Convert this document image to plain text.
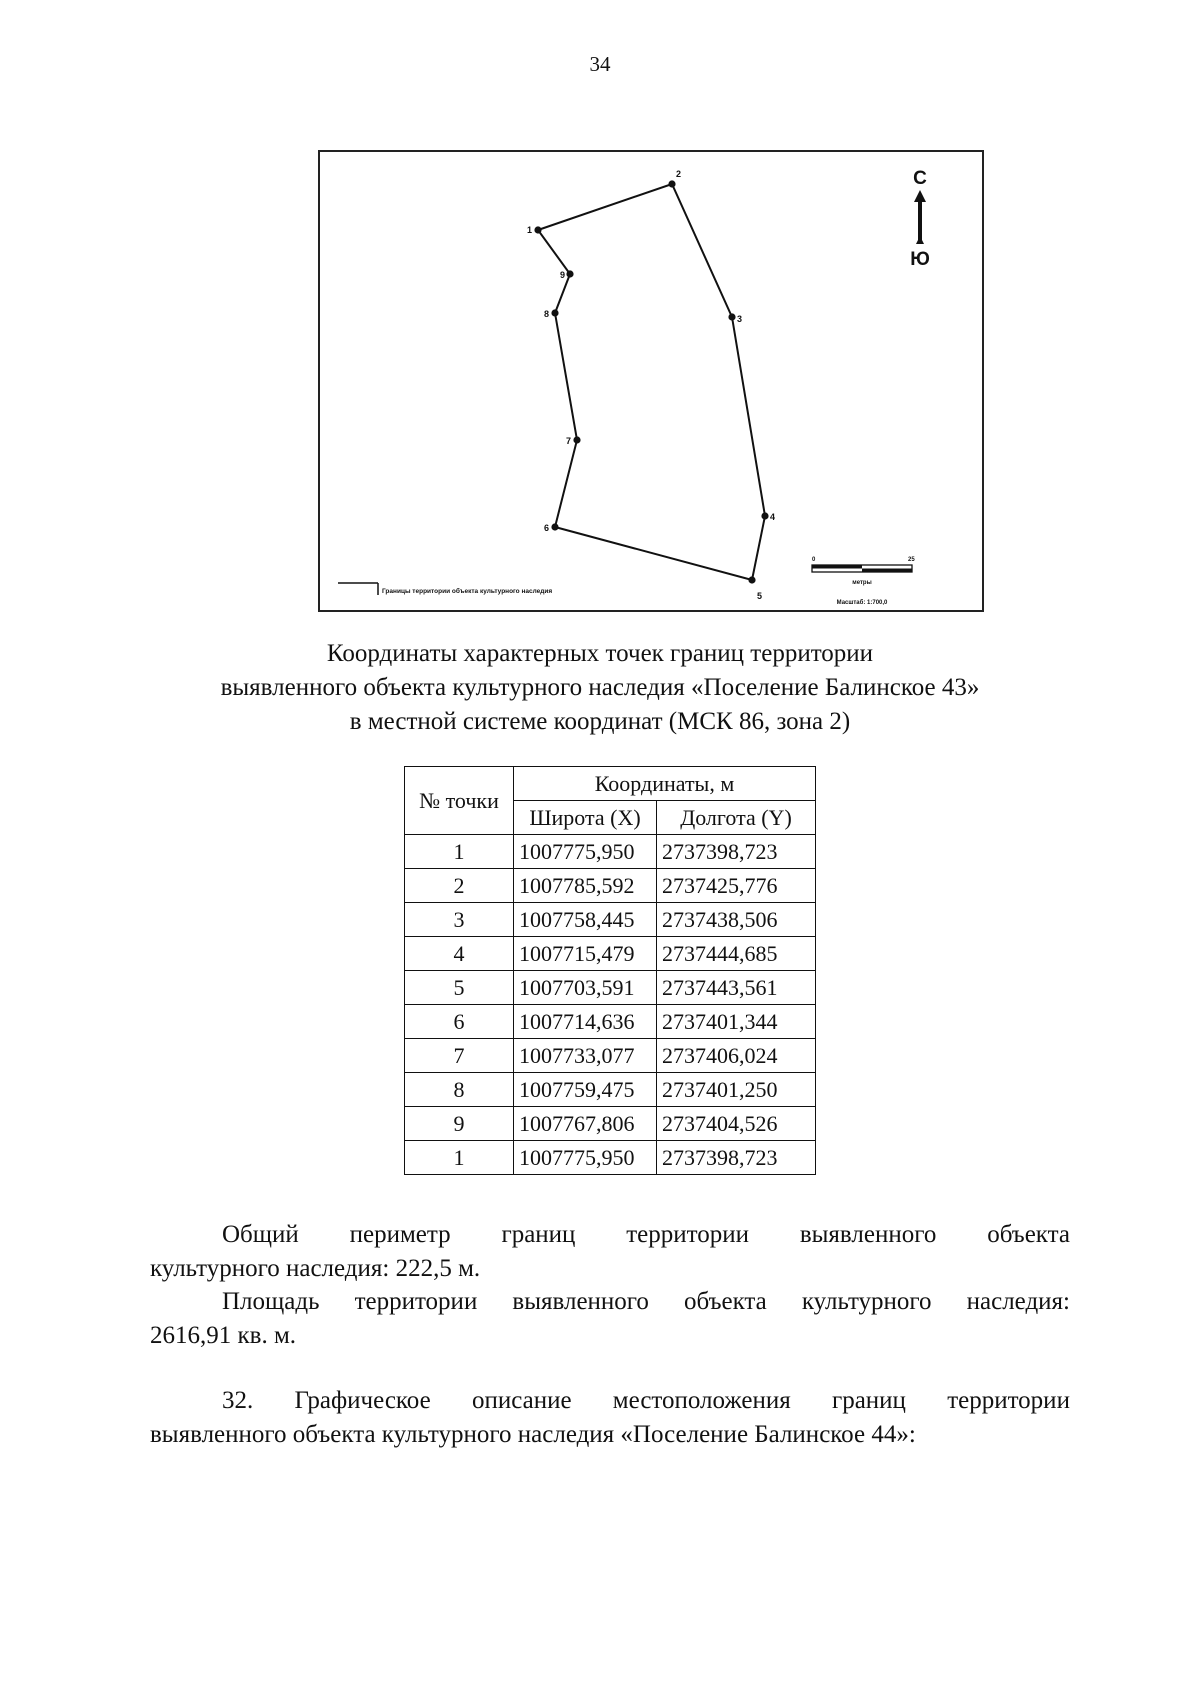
34
1
2
3
4
5
6
7
8
9
С
Ю
Границы территории объекта культурного наследия
0	25
метры
Масштаб: 1:700,0
Координаты характерных точек границ территории
выявленного объекта культурного наследия «Поселение Балинское 43»
в местной системе координат (МСК 86, зона 2)
№ точки	Координаты, м	
	Широта (X)	Долгота (Y)
1	1007775,950	2737398,723
2	1007785,592	2737425,776
3	1007758,445	2737438,506
4	1007715,479	2737444,685
5	1007703,591	2737443,561
6	1007714,636	2737401,344
7	1007733,077	2737406,024
8	1007759,475	2737401,250
9	1007767,806	2737404,526
1	1007775,950	2737398,723
Общий периметр границ территории выявленного объекта
культурного наследия: 222,5 м.
Площадь территории выявленного объекта культурного наследия:
2616,91 кв. м.
32. Графическое описание местоположения границ территории
выявленного объекта культурного наследия «Поселение Балинское 44»:
